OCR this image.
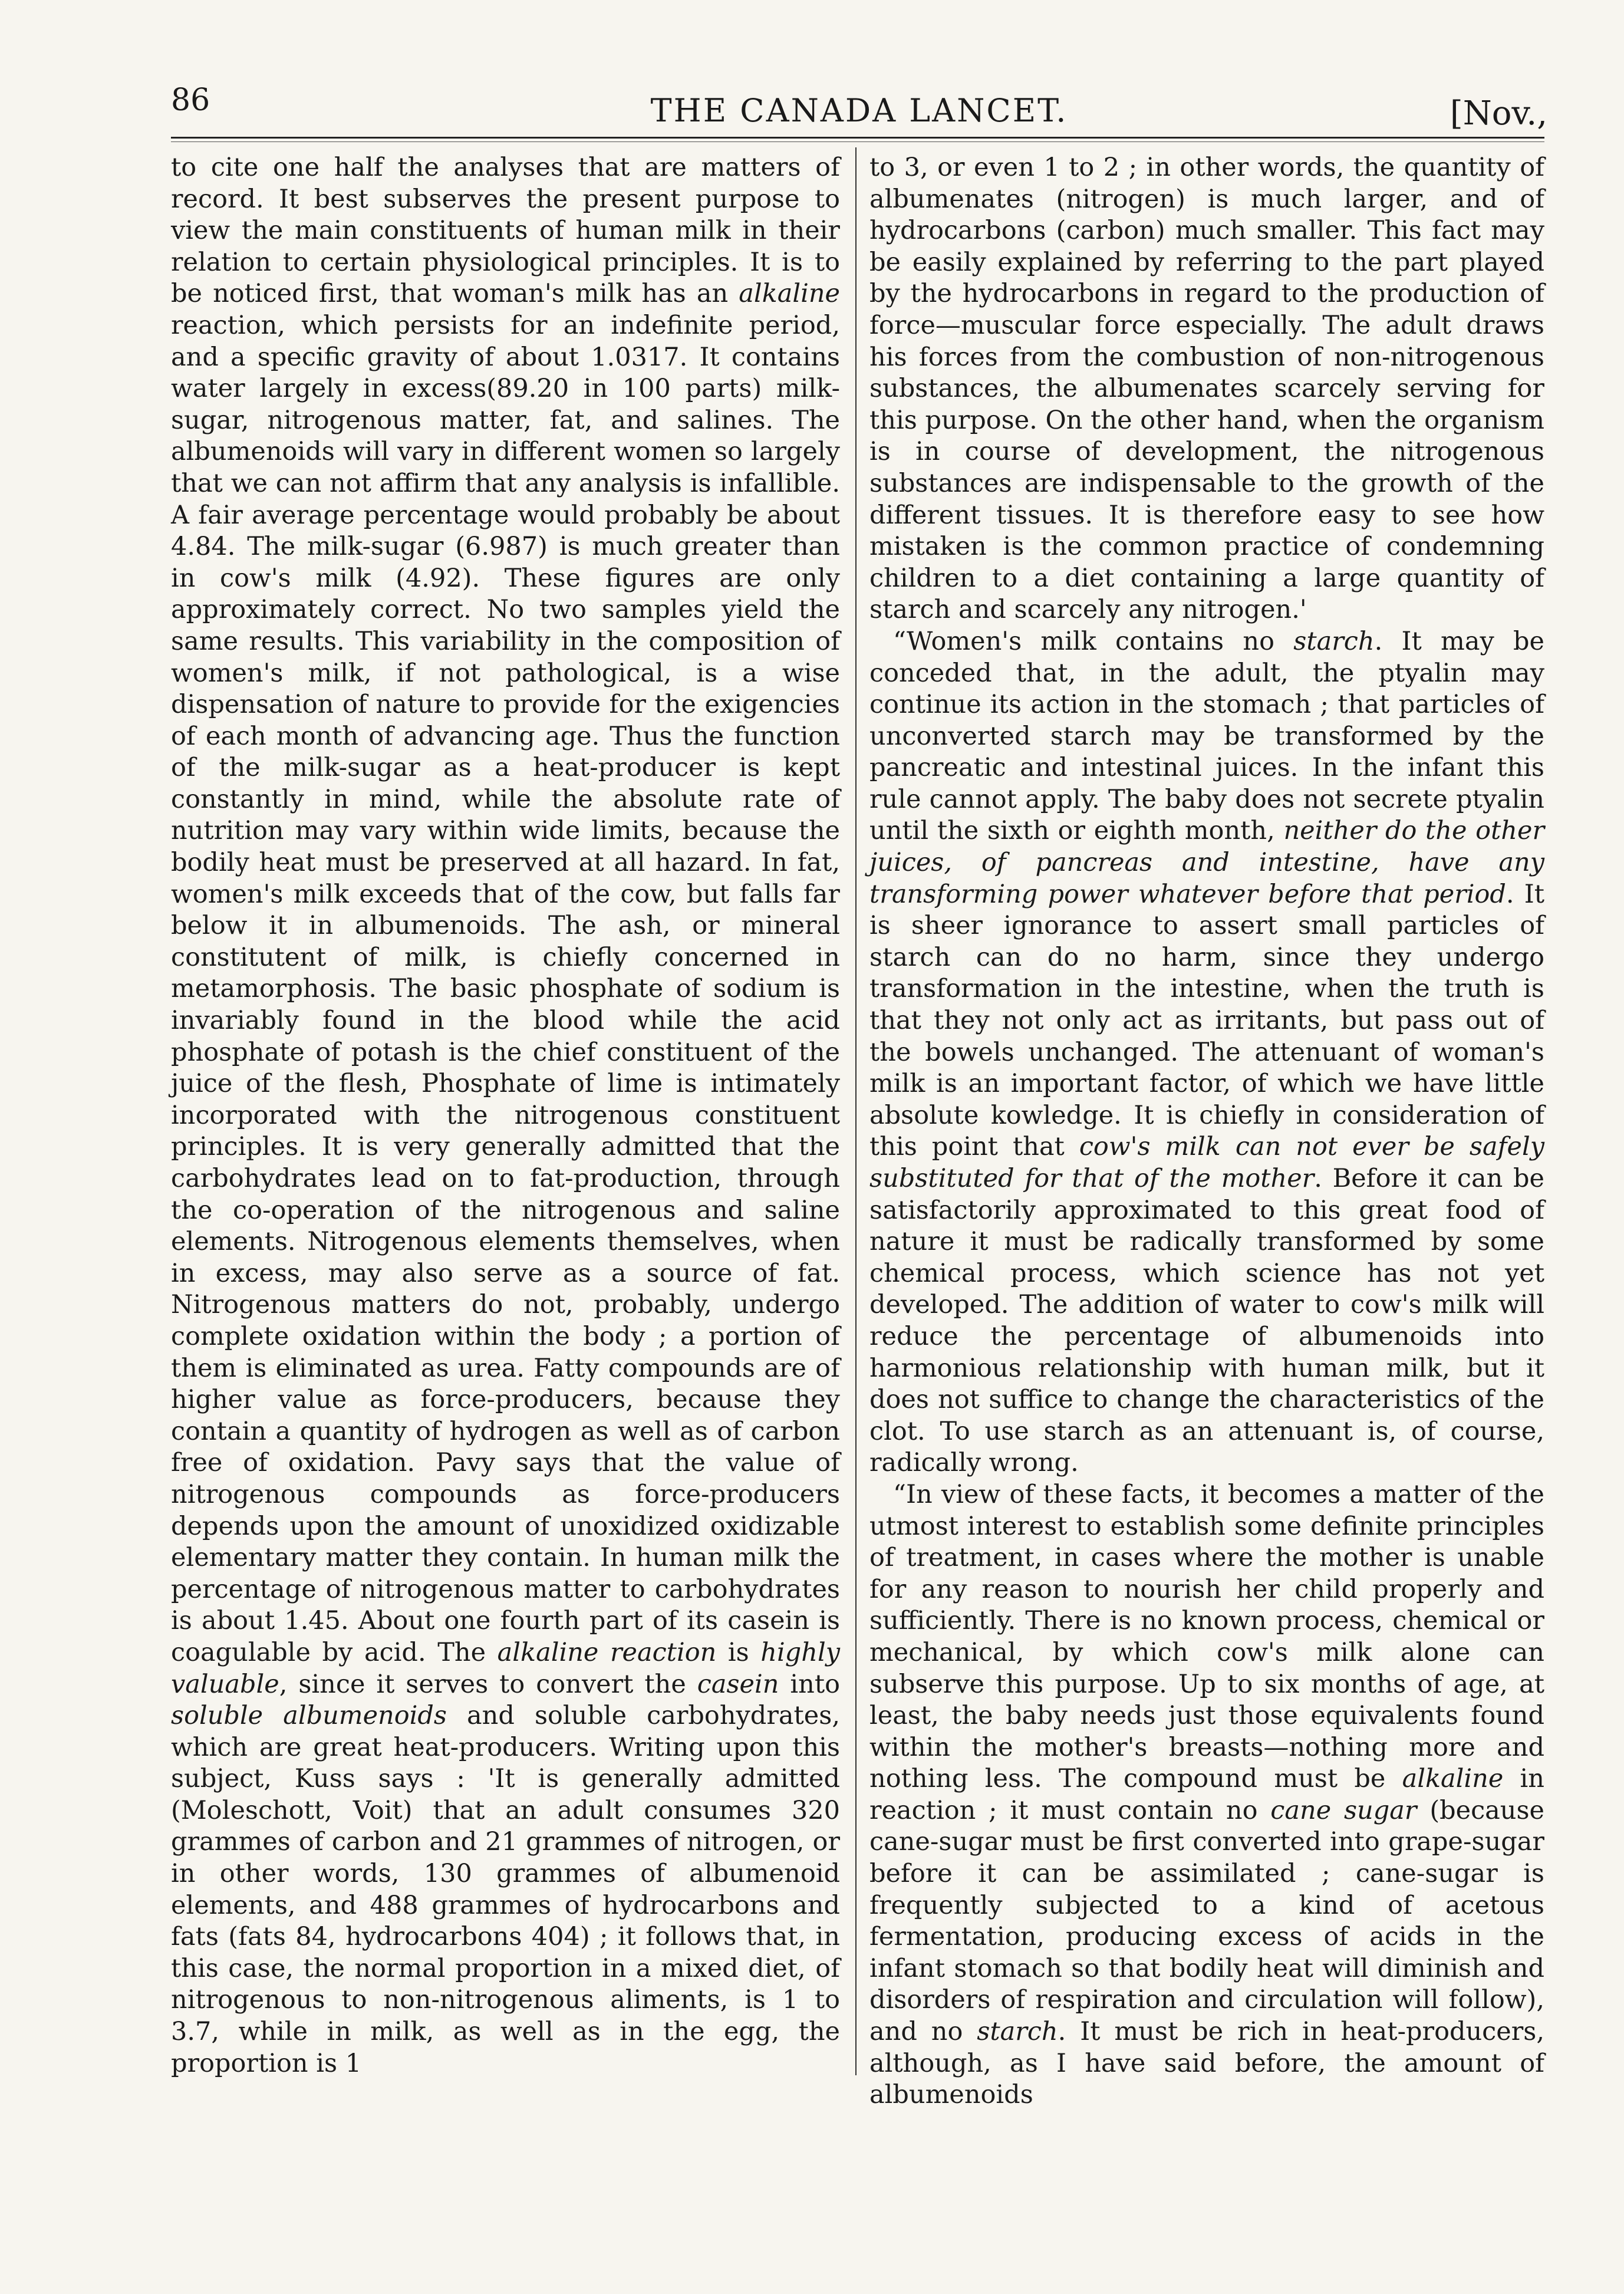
86	THE CANADA LANCET.	[Nov.,

to cite one half the analyses that are matters of record. It best subserves the present purpose to view the main constituents of human milk in their relation to certain physiological principles. It is to be noticed first, that woman's milk has an alkaline reaction, which persists for an indefinite period, and a specific gravity of about 1.0317. It contains water largely in excess(89.20 in 100 parts) milk-sugar, nitrogenous matter, fat, and salines. The albumenoids will vary in different women so largely that we can not affirm that any analysis is infallible. A fair average percentage would probably be about 4.84. The milk-sugar (6.987) is much greater than in cow's milk (4.92). These figures are only approximately correct. No two samples yield the same results. This variability in the composition of women's milk, if not pathological, is a wise dispensation of nature to provide for the exigencies of each month of advancing age. Thus the function of the milk-sugar as a heat-producer is kept constantly in mind, while the absolute rate of nutrition may vary within wide limits, because the bodily heat must be preserved at all hazard. In fat, women's milk exceeds that of the cow, but falls far below it in albumenoids. The ash, or mineral constitutent of milk, is chiefly concerned in metamorphosis. The basic phosphate of sodium is invariably found in the blood while the acid phosphate of potash is the chief constituent of the juice of the flesh, Phosphate of lime is intimately incorporated with the nitrogenous constituent principles. It is very generally admitted that the carbohydrates lead on to fat-production, through the co-operation of the nitrogenous and saline elements. Nitrogenous elements themselves, when in excess, may also serve as a source of fat. Nitrogenous matters do not, probably, undergo complete oxidation within the body ; a portion of them is eliminated as urea. Fatty compounds are of higher value as force-producers, because they contain a quantity of hydrogen as well as of carbon free of oxidation. Pavy says that the value of nitrogenous compounds as force-producers depends upon the amount of unoxidized oxidizable elementary matter they contain. In human milk the percentage of nitrogenous matter to carbohydrates is about 1.45. About one fourth part of its casein is coagulable by acid. The alkaline reaction is highly valuable, since it serves to convert the casein into soluble albumenoids and soluble carbohydrates, which are great heat-producers. Writing upon this subject, Kuss says : 'It is generally admitted (Moleschott, Voit) that an adult consumes 320 grammes of carbon and 21 grammes of nitrogen, or in other words, 130 grammes of albumenoid elements, and 488 grammes of hydrocarbons and fats (fats 84, hydrocarbons 404) ; it follows that, in this case, the normal proportion in a mixed diet, of nitrogenous to non-nitrogenous aliments, is 1 to 3.7, while in milk, as well as in the egg, the proportion is 1

to 3, or even 1 to 2 ; in other words, the quantity of albumenates (nitrogen) is much larger, and of hydrocarbons (carbon) much smaller. This fact may be easily explained by referring to the part played by the hydrocarbons in regard to the production of force—muscular force especially. The adult draws his forces from the combustion of non-nitrogenous substances, the albumenates scarcely serving for this purpose. On the other hand, when the organism is in course of development, the nitrogenous substances are indispensable to the growth of the different tissues. It is therefore easy to see how mistaken is the common practice of condemning children to a diet containing a large quantity of starch and scarcely any nitrogen.'

“Women's milk contains no starch. It may be conceded that, in the adult, the ptyalin may continue its action in the stomach ; that particles of unconverted starch may be transformed by the pancreatic and intestinal juices. In the infant this rule cannot apply. The baby does not secrete ptyalin until the sixth or eighth month, neither do the other juices, of pancreas and intestine, have any transforming power whatever before that period. It is sheer ignorance to assert small particles of starch can do no harm, since they undergo transformation in the intestine, when the truth is that they not only act as irritants, but pass out of the bowels unchanged. The attenuant of woman's milk is an important factor, of which we have little absolute kowledge. It is chiefly in consideration of this point that cow's milk can not ever be safely substituted for that of the mother. Before it can be satisfactorily approximated to this great food of nature it must be radically transformed by some chemical process, which science has not yet developed. The addition of water to cow's milk will reduce the percentage of albumenoids into harmonious relationship with human milk, but it does not suffice to change the characteristics of the clot. To use starch as an attenuant is, of course, radically wrong.

“In view of these facts, it becomes a matter of the utmost interest to establish some definite principles of treatment, in cases where the mother is unable for any reason to nourish her child properly and sufficiently. There is no known process, chemical or mechanical, by which cow's milk alone can subserve this purpose. Up to six months of age, at least, the baby needs just those equivalents found within the mother's breasts—nothing more and nothing less. The compound must be alkaline in reaction ; it must contain no cane sugar (because cane-sugar must be first converted into grape-sugar before it can be assimilated ; cane-sugar is frequently subjected to a kind of acetous fermentation, producing excess of acids in the infant stomach so that bodily heat will diminish and disorders of respiration and circulation will follow), and no starch. It must be rich in heat-producers, although, as I have said before, the amount of albumenoids
